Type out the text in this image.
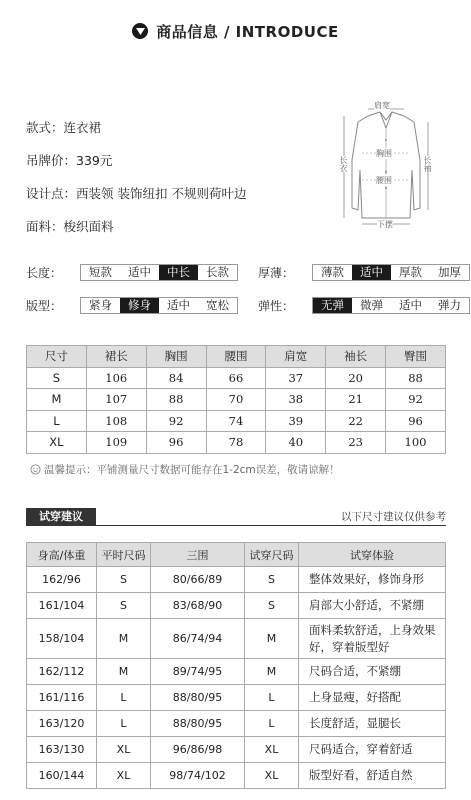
商品信息 / INTRODUCE
款式：连衣裙
吊牌价：339元
设计点：西装领 装饰纽扣 不规则荷叶边
面料：梭织面料
肩宽
胸围
腰围
长衣	长袖
下摆
长度：	短款	适中	中长	长款	厚薄：	薄款	适中	厚款	加厚
版型：	紧身	修身	适中	宽松	弹性：	无弹	微弹	适中	弹力
尺寸	裙长	胸围	腰围	肩宽	袖长	臀围
S	106	84	66	37	20	88
M	107	88	70	38	21	92
L	108	92	74	39	22	96
XL	109	96	78	40	23	100
温馨提示：平铺测量尺寸数据可能存在1-2cm误差，敬请谅解！
试穿建议	以下尺寸建议仅供参考
身高/体重	平时尺码	三围	试穿尺码	试穿体验
162/96	S	80/66/89	S	整体效果好，修饰身形
161/104	S	83/68/90	S	肩部大小舒适，不紧绷
158/104	M	86/74/94	M	面料柔软舒适，上身效果好，穿着版型好
162/112	M	89/74/95	M	尺码合适，不紧绷
161/116	L	88/80/95	L	上身显瘦，好搭配
163/120	L	88/80/95	L	长度舒适，显腿长
163/130	XL	96/86/98	XL	尺码适合，穿着舒适
160/144	XL	98/74/102	XL	版型好看，舒适自然
